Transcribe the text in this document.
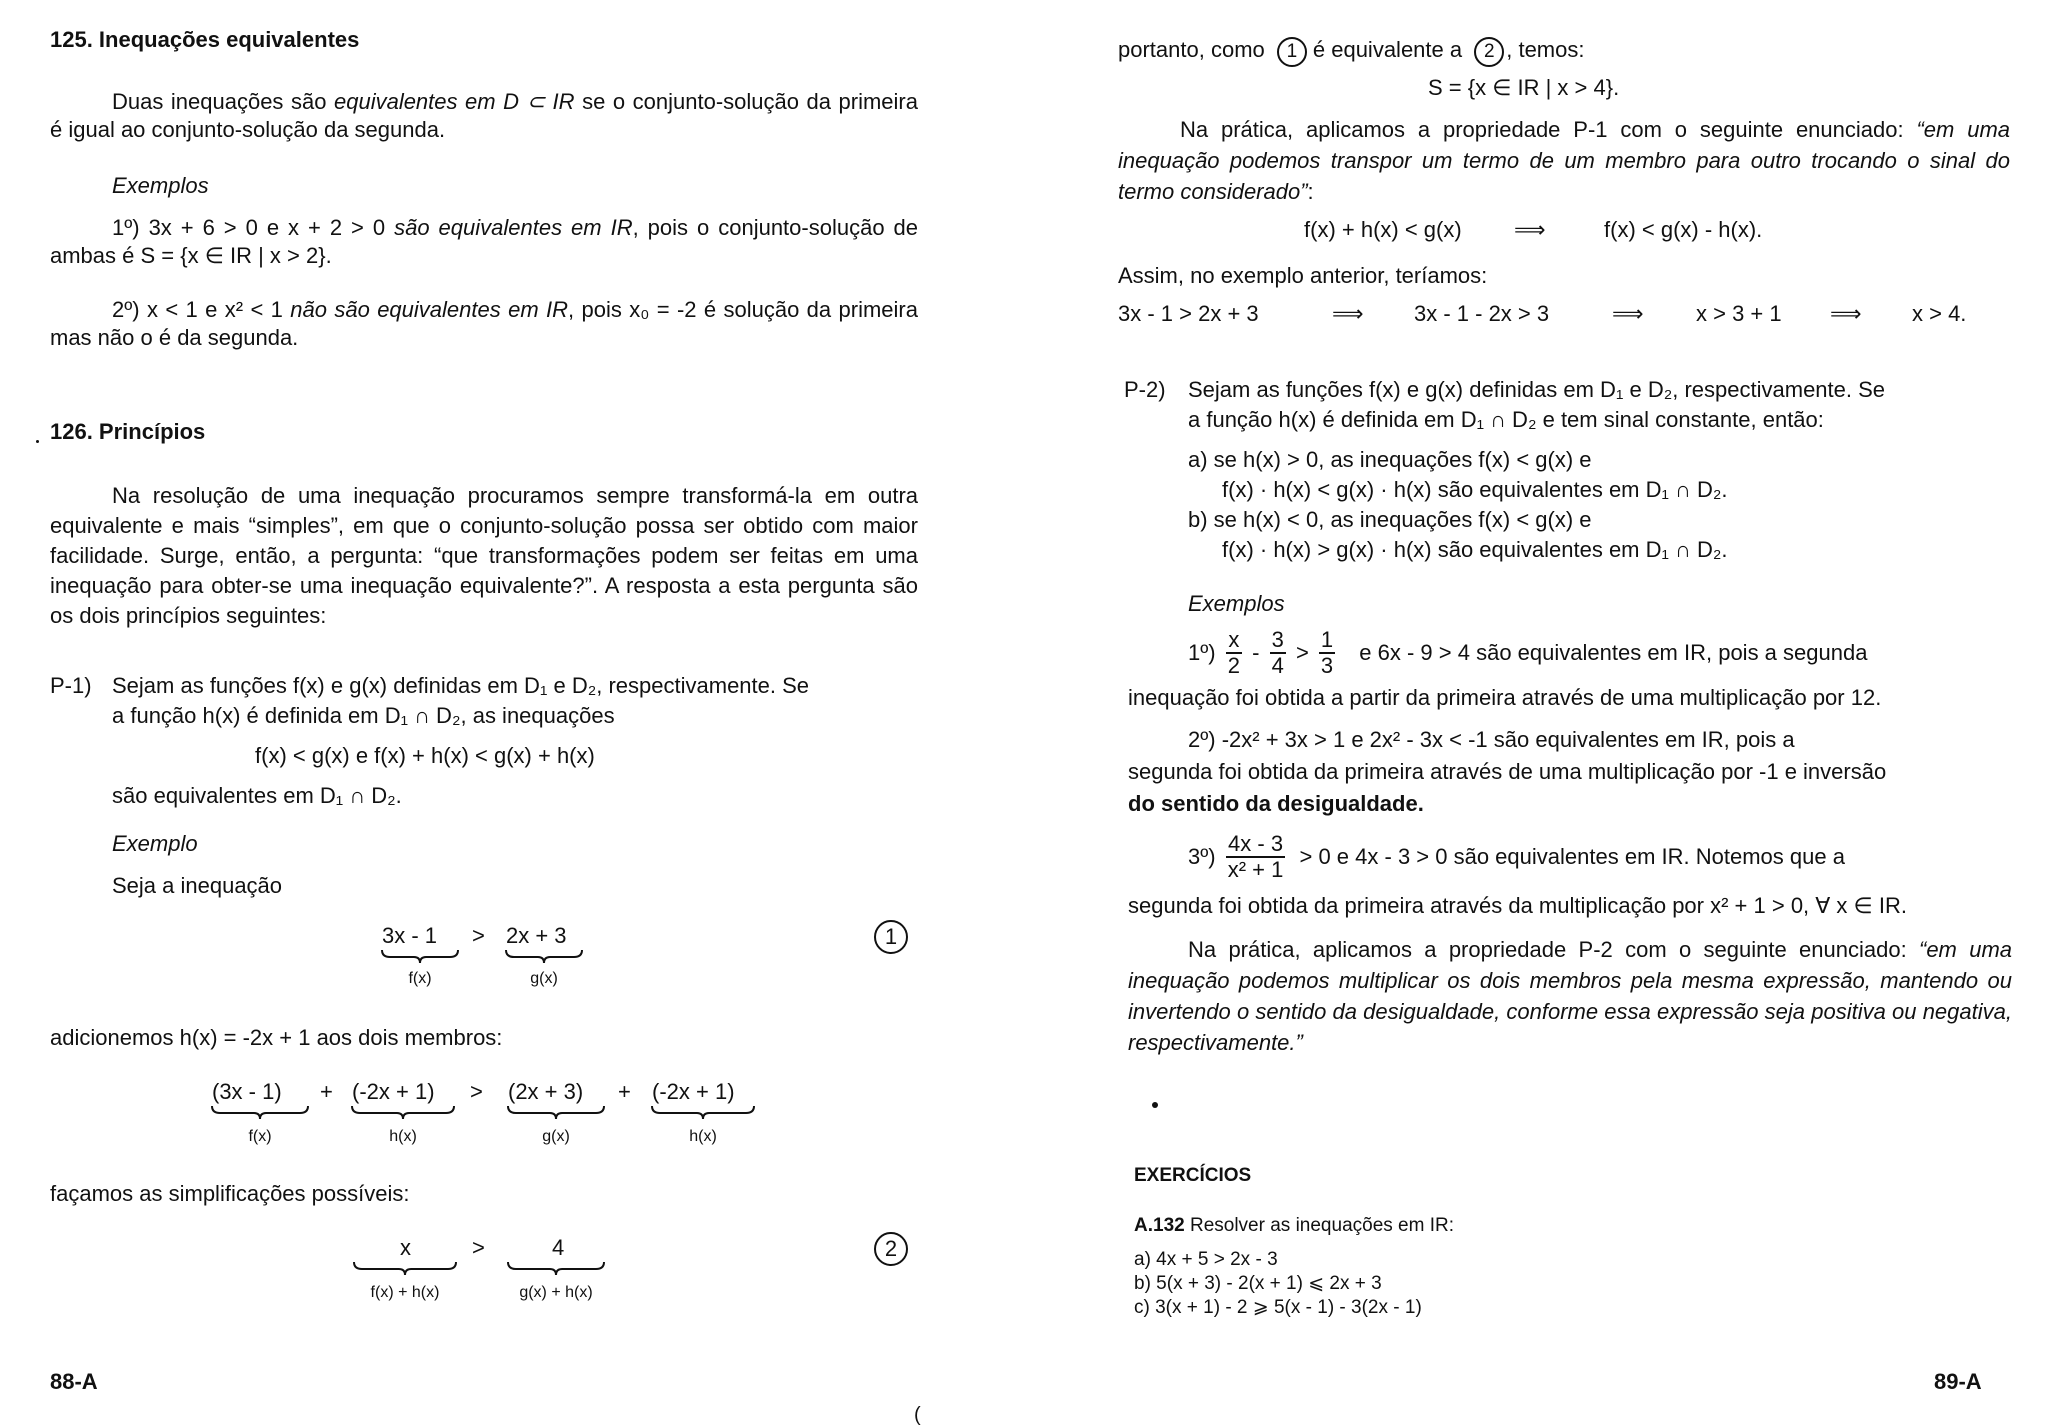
125. Inequações equivalentes
Duas inequações são equivalentes em D ⊂ IR se o conjunto-solução da primeira é igual ao conjunto-solução da segunda.
Exemplos
1º) 3x + 6 > 0 e x + 2 > 0 são equivalentes em IR, pois o conjunto-solução de ambas é S = {x ∈ IR | x > 2}.
2º) x < 1 e x² < 1 não são equivalentes em IR, pois x₀ = -2 é solução da primeira mas não o é da segunda.
126. Princípios
Na resolução de uma inequação procuramos sempre transformá-la em outra equivalente e mais “simples”, em que o conjunto-solução possa ser obtido com maior facilidade. Surge, então, a pergunta: “que transformações podem ser feitas em uma inequação para obter-se uma inequação equivalente?”. A resposta a esta pergunta são os dois princípios seguintes:
P-1) Sejam as funções f(x) e g(x) definidas em D₁ e D₂, respectivamente. Se
a função h(x) é definida em D₁ ∩ D₂, as inequações
f(x) < g(x) e f(x) + h(x) < g(x) + h(x)
são equivalentes em D₁ ∩ D₂.
Exemplo
Seja a inequação
3x - 1 > 2x + 3
f(x)	g(x)
1
adicionemos h(x) = -2x + 1 aos dois membros:
(3x - 1) + (-2x + 1) > (2x + 3) + (-2x + 1)
f(x)	h(x)	g(x)	h(x)
façamos as simplificações possíveis:
x	>	4
f(x) + h(x)	g(x) + h(x)
2
88-A
portanto, como 1 é equivalente a 2 , temos:
S = {x ∈ IR | x > 4}.
Na prática, aplicamos a propriedade P-1 com o seguinte enunciado: “em uma inequação podemos transpor um termo de um membro para outro trocando o sinal do termo considerado”:
f(x) + h(x) < g(x) ⟹	f(x) < g(x) - h(x).
Assim, no exemplo anterior, teríamos:
3x - 1 > 2x + 3	⟹ 3x - 1 - 2x > 3	⟹ x > 3 + 1 ⟹ x > 4.
P-2) Sejam as funções f(x) e g(x) definidas em D₁ e D₂, respectivamente. Se
a função h(x) é definida em D₁ ∩ D₂ e tem sinal constante, então:
a) se h(x) > 0, as inequações f(x) < g(x) e
f(x) · h(x) < g(x) · h(x) são equivalentes em D₁ ∩ D₂.
b) se h(x) < 0, as inequações f(x) < g(x) e
f(x) · h(x) > g(x) · h(x) são equivalentes em D₁ ∩ D₂.
Exemplos
1º) $\frac{x}{2} - \frac{3}{4} > \frac{1}{3}$ e 6x - 9 > 4 são equivalentes em IR, pois a segunda
inequação foi obtida a partir da primeira através de uma multiplicação por 12.
2º) -2x² + 3x > 1 e 2x² - 3x < -1 são equivalentes em IR, pois a
segunda foi obtida da primeira através de uma multiplicação por -1 e inversão
do sentido da desigualdade.
3º) $\frac{4x - 3}{\text{x² + 1}} > 0$ e 4x - 3 > 0 são equivalentes em IR. Notemos que a
segunda foi obtida da primeira através da multiplicação por x² + 1 > 0, ∀ x ∈ IR.
Na prática, aplicamos a propriedade P-2 com o seguinte enunciado: “em uma inequação podemos multiplicar os dois membros pela mesma expressão, mantendo ou invertendo o sentido da desigualdade, conforme essa expressão seja positiva ou negativa, respectivamente.”
EXERCÍCIOS
A.132 Resolver as inequações em IR:
a) 4x + 5 > 2x - 3
b) 5(x + 3) - 2(x + 1) ⩽ 2x + 3
c) 3(x + 1) - 2 ⩾ 5(x - 1) - 3(2x - 1)
89-A
(
